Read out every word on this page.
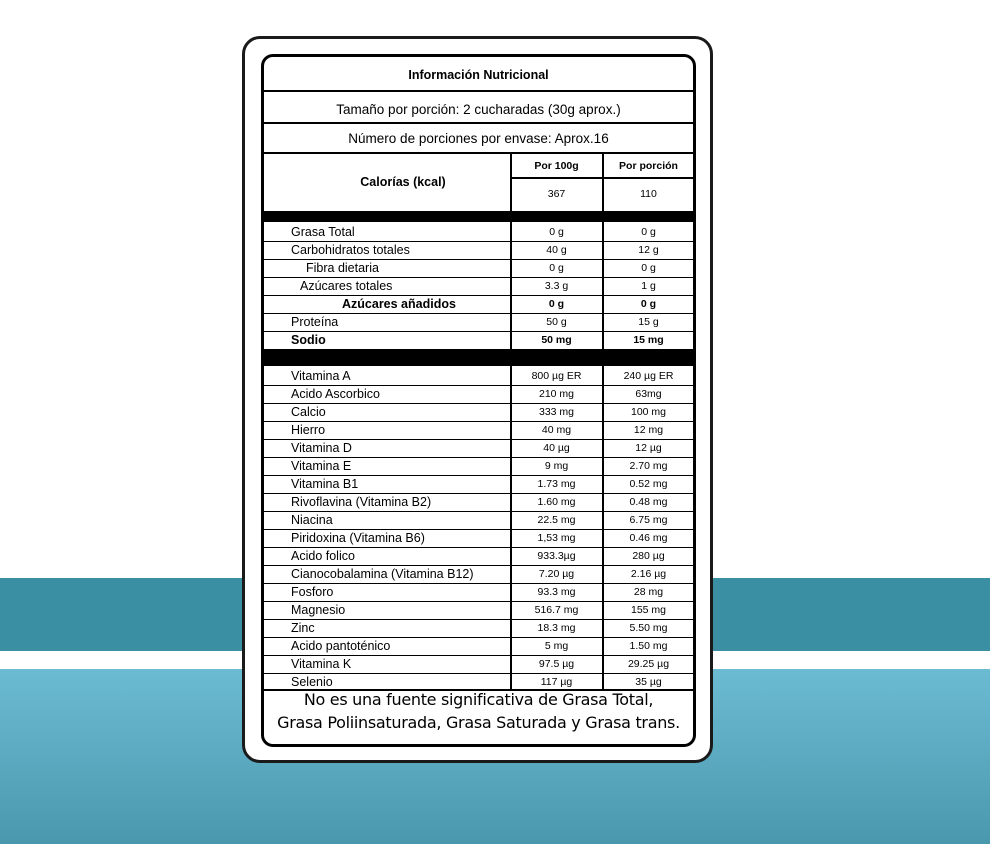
Información Nutricional
Tamaño por porción: 2 cucharadas (30g aprox.)
Número de porciones por envase: Aprox.16
Calorías (kcal)
Por 100g	Por porción
367	110
Grasa Total	0 g	0 g
Carbohidratos totales	40 g	12 g
Fibra dietaria	0 g	0 g
Azúcares totales	3.3 g	1 g
Azúcares añadidos	0 g	0 g
Proteína	50 g	15 g
Sodio	50 mg	15 mg
Vitamina A	800 µg ER	240 µg ER
Acido Ascorbico	210 mg	63mg
Calcio	333 mg	100 mg
Hierro	40 mg	12 mg
Vitamina D	40 µg	12 µg
Vitamina E	9 mg	2.70 mg
Vitamina B1	1.73 mg	0.52 mg
Rivoflavina (Vitamina B2)	1.60 mg	0.48 mg
Niacina	22.5 mg	6.75 mg
Piridoxina (Vitamina B6)	1,53 mg	0.46 mg
Acido folico	933.3µg	280 µg
Cianocobalamina (Vitamina B12)	7.20 µg	2.16 µg
Fosforo	93.3 mg	28 mg
Magnesio	516.7 mg	155 mg
Zinc	18.3 mg	5.50 mg
Acido pantoténico	5 mg	1.50 mg
Vitamina K	97.5 µg	29.25 µg
Selenio	117 µg	35 µg
No es una fuente significativa de Grasa Total,
Grasa Poliinsaturada, Grasa Saturada y Grasa trans.
